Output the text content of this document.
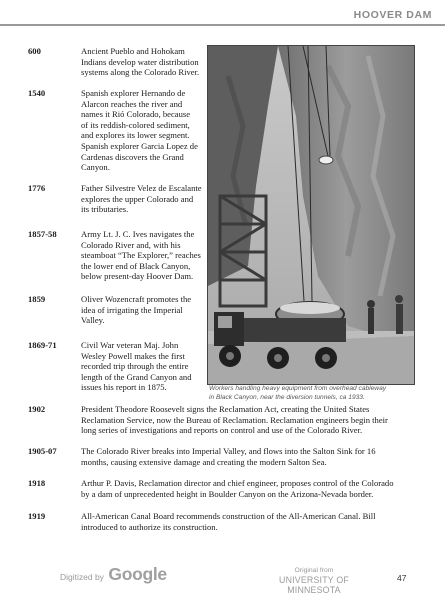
HOOVER DAM
600	Ancient Pueblo and Hohokam
Indians develop water distribution
systems along the Colorado River.
1540	Spanish explorer Hernando de
Alarcon reaches the river and
names it Rió Colorado, because
of its reddish-colored sediment,
and explores its lower segment.
Spanish explorer Garcia Lopez de
Cardenas discovers the Grand
Canyon.
1776	Father Silvestre Velez de Escalante
explores the upper Colorado and
its tributaries.
1857-58	Army Lt. J. C. Ives navigates the
Colorado River and, with his
steamboat “The Explorer,” reaches
the lower end of Black Canyon,
below present-day Hoover Dam.
1859	Oliver Wozencraft promotes the
idea of irrigating the Imperial
Valley.
1869-71	Civil War veteran Maj. John
Wesley Powell makes the first
recorded trip through the entire
length of the Grand Canyon and
issues his report in 1875.	Workers handling heavy equipment from overhead cableway
in Black Canyon, near the diversion tunnels, ca 1933.
1902	President Theodore Roosevelt signs the Reclamation Act, creating the United States
Reclamation Service, now the Bureau of Reclamation. Reclamation engineers begin their
long series of investigations and reports on control and use of the Colorado River.
1905-07	The Colorado River breaks into Imperial Valley, and flows into the Salton Sink for 16
months, causing extensive damage and creating the modern Salton Sea.
1918	Arthur P. Davis, Reclamation director and chief engineer, proposes control of the Colorado
by a dam of unprecedented height in Boulder Canyon on the Arizona-Nevada border.
1919	All-American Canal Board recommends construction of the All-American Canal. Bill
introduced to authorize its construction.
Digitized by Google	Original from
UNIVERSITY OF MINNESOTA
47
